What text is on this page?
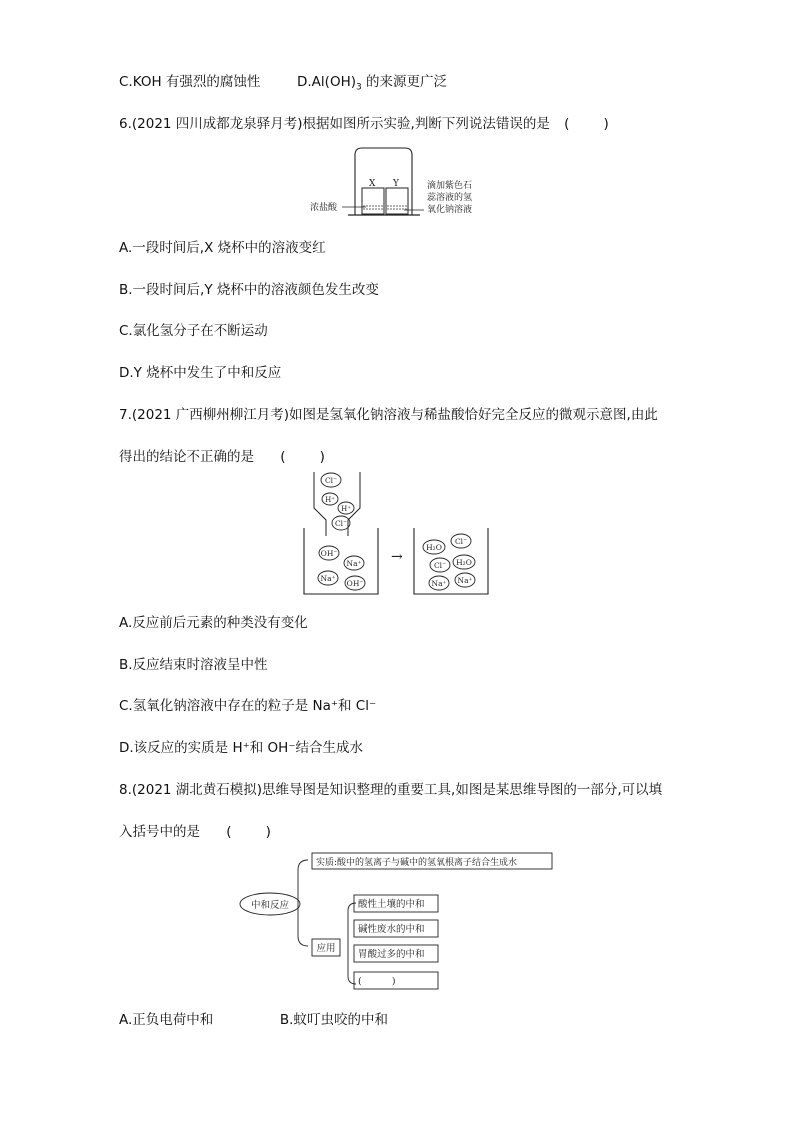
C.KOH 有强烈的腐蚀性	$D.Al(OH)_3$ 的来源更广泛
6.(2021 四川成都龙泉驿月考)根据如图所示实验,判断下列说法错误的是 (	)
X Y
浓盐酸
滴加紫色石
蕊溶液的氢
氧化钠溶液
A.一段时间后,X 烧杯中的溶液变红
B.一段时间后,Y 烧杯中的溶液颜色发生改变
C.氯化氢分子在不断运动
D.Y 烧杯中发生了中和反应
7.(2021 广西柳州柳江月考)如图是氢氧化钠溶液与稀盐酸恰好完全反应的微观示意图,由此
得出的结论不正确的是 (	)
Cl⁻
H⁺
H⁺
Cl⁻
OH⁻
Na⁺
Na⁺
OH⁻
→
H₂O
Cl⁻
Cl⁻ H₂O
Na⁺ Na⁺
A.反应前后元素的种类没有变化
B.反应结束时溶液呈中性
C.氢氧化钠溶液中存在的粒子是 Na⁺和 Cl⁻
D.该反应的实质是 H⁺和 OH⁻结合生成水
8.(2021 湖北黄石模拟)思维导图是知识整理的重要工具,如图是某思维导图的一部分,可以填
入括号中的是 (	)
中和反应
实质:酸中的氢离子与碱中的氢氧根离子结合生成水
应用
酸性土壤的中和
碱性废水的中和
胃酸过多的中和
(          )
A.正负电荷中和	B.蚊叮虫咬的中和
